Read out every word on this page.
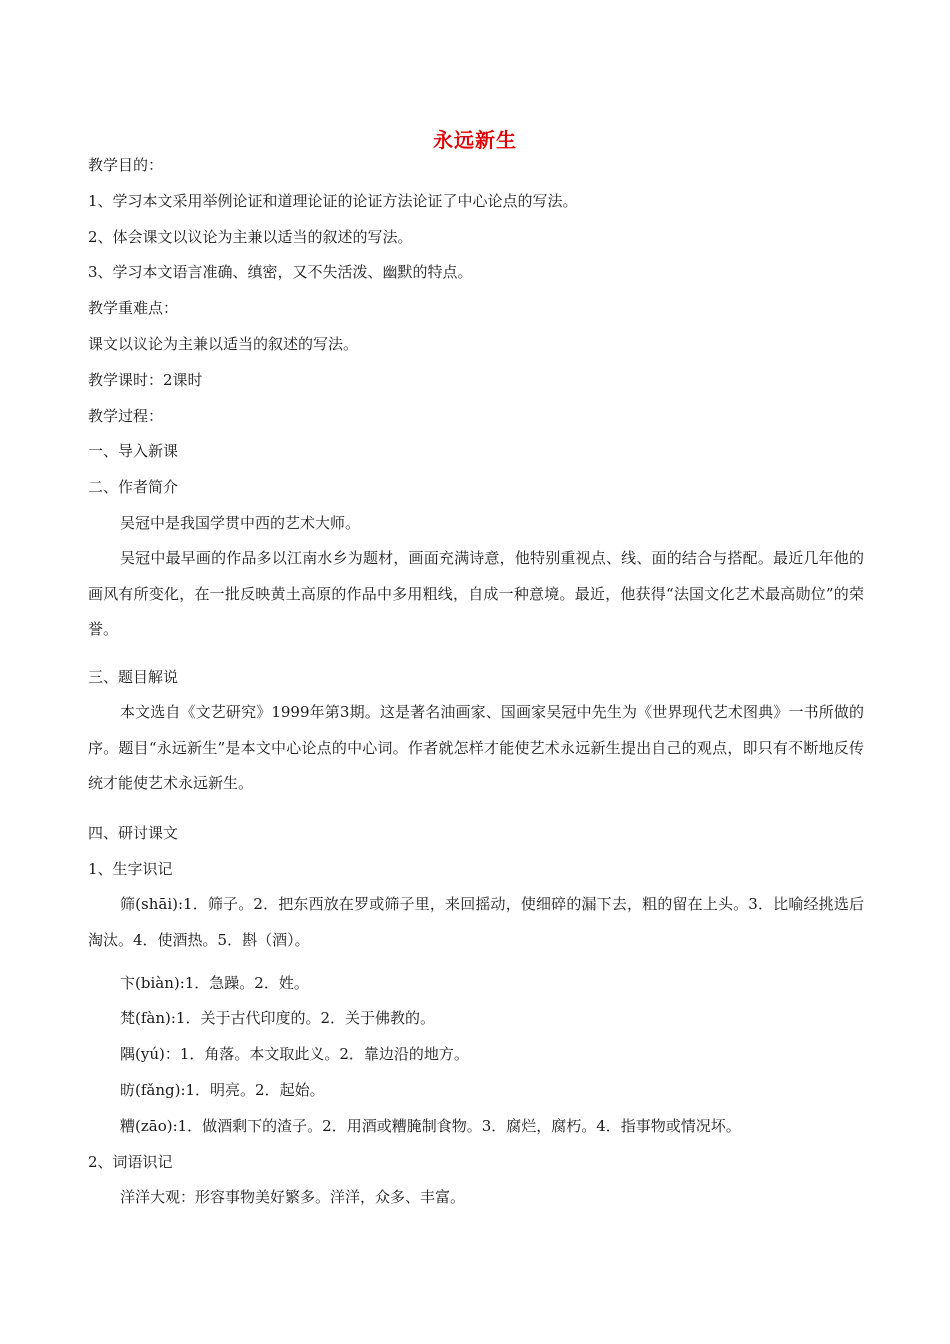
永远新生
教学目的：
1、学习本文采用举例论证和道理论证的论证方法论证了中心论点的写法。
2、体会课文以议论为主兼以适当的叙述的写法。
3、学习本文语言准确、缜密，又不失活泼、幽默的特点。
教学重难点：
课文以议论为主兼以适当的叙述的写法。
教学课时：2课时
教学过程：
一、导入新课
二、作者简介
吴冠中是我国学贯中西的艺术大师。
吴冠中最早画的作品多以江南水乡为题材，画面充满诗意，他特别重视点、线、面的结合与搭配。最近几年他的画风有所变化，在一批反映黄土高原的作品中多用粗线，自成一种意境。最近，他获得“法国文化艺术最高勋位”的荣誉。
三、题目解说
本文选自《文艺研究》1999年第3期。这是著名油画家、国画家吴冠中先生为《世界现代艺术图典》一书所做的序。题目“永远新生”是本文中心论点的中心词。作者就怎样才能使艺术永远新生提出自己的观点，即只有不断地反传统才能使艺术永远新生。
四、研讨课文
1、生字识记
筛(shāi):1．筛子。2．把东西放在罗或筛子里，来回摇动，使细碎的漏下去，粗的留在上头。3．比喻经挑选后淘汰。4．使酒热。5．斟（酒）。
卞(biàn):1．急躁。2．姓。
梵(fàn):1．关于古代印度的。2．关于佛教的。
隅(yú)：1．角落。本文取此义。2．靠边沿的地方。
昉(fǎng):1．明亮。2．起始。
糟(zāo):1．做酒剩下的渣子。2．用酒或糟腌制食物。3．腐烂，腐朽。4．指事物或情况坏。
2、词语识记
洋洋大观：形容事物美好繁多。洋洋，众多、丰富。
